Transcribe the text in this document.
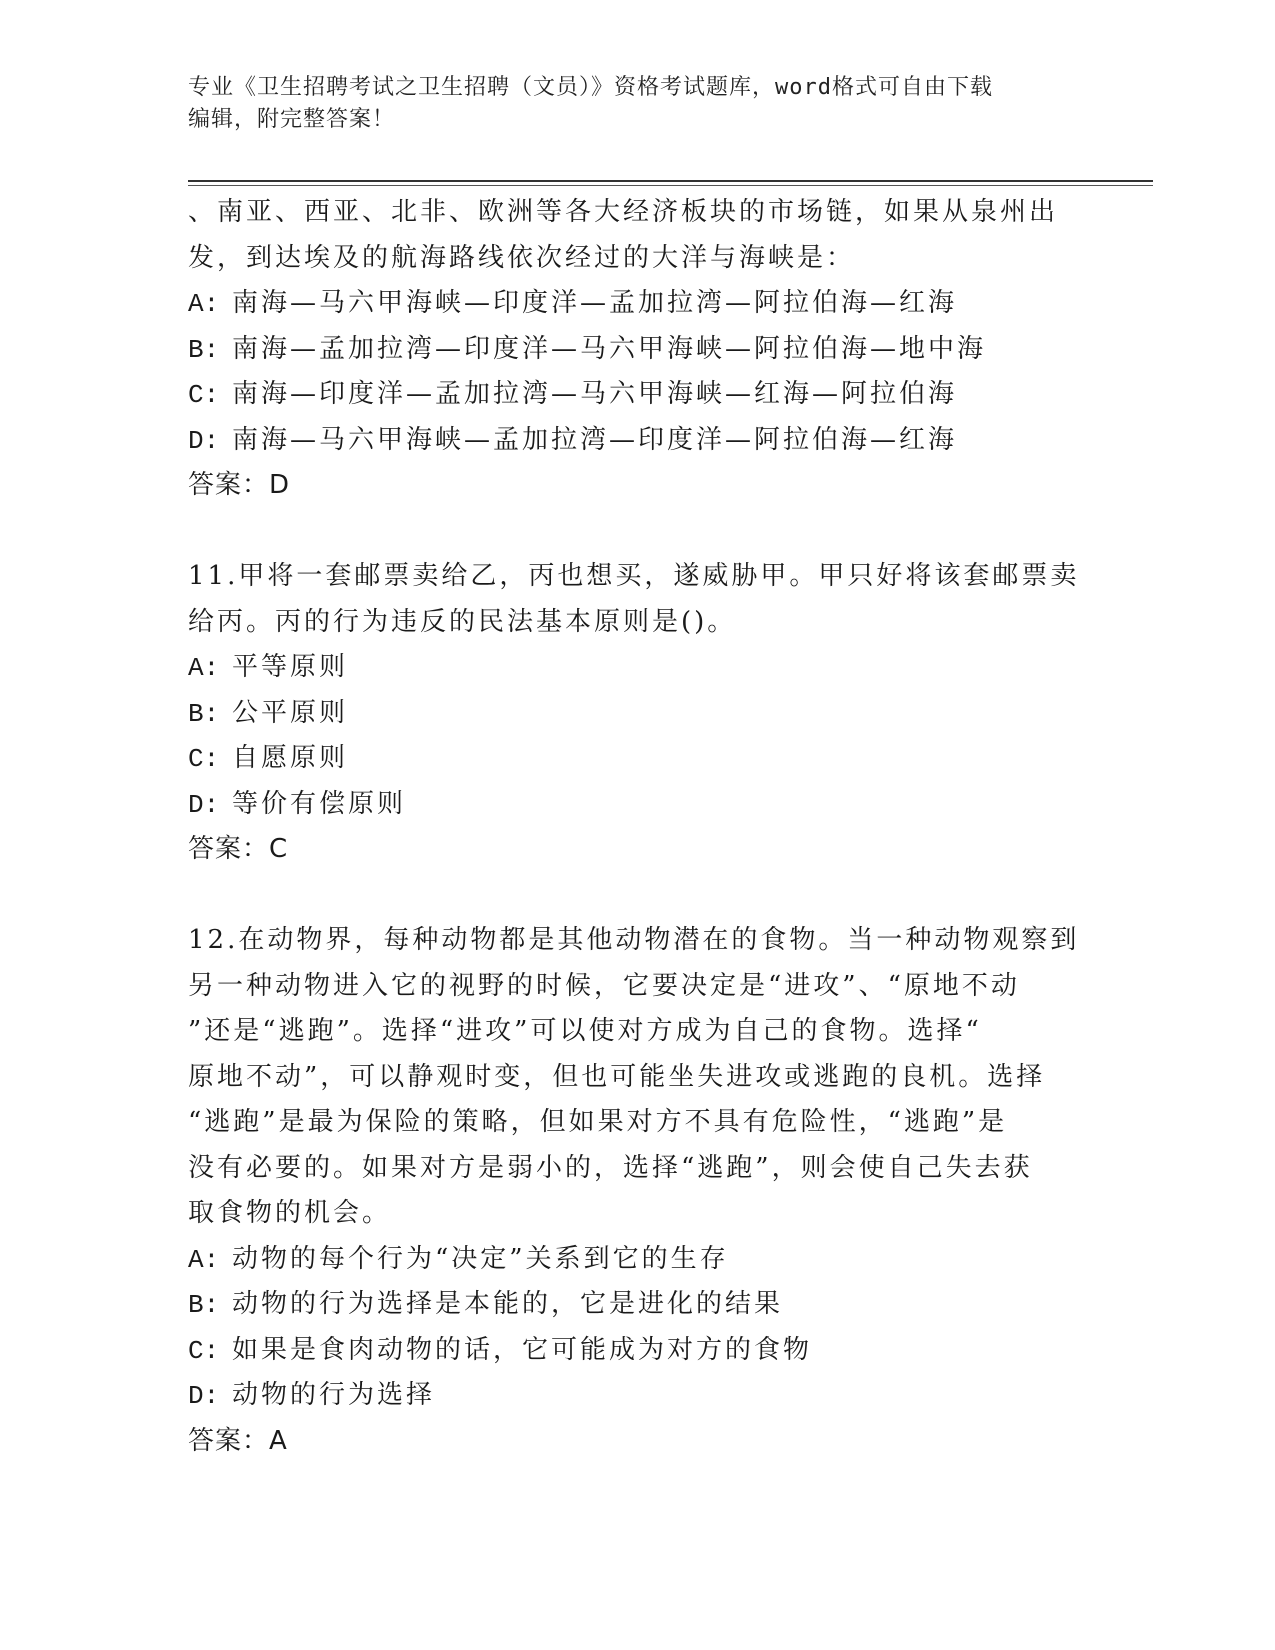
专业《卫生招聘考试之卫生招聘（文员）》资格考试题库，word格式可自由下载
编辑，附完整答案！
、南亚、西亚、北非、欧洲等各大经济板块的市场链，如果从泉州出
发，到达埃及的航海路线依次经过的大洋与海峡是：
A: 南海—马六甲海峡—印度洋—孟加拉湾—阿拉伯海—红海
B: 南海—孟加拉湾—印度洋—马六甲海峡—阿拉伯海—地中海
C: 南海—印度洋—孟加拉湾—马六甲海峡—红海—阿拉伯海
D: 南海—马六甲海峡—孟加拉湾—印度洋—阿拉伯海—红海
答案：D
11.甲将一套邮票卖给乙，丙也想买，遂威胁甲。甲只好将该套邮票卖
给丙。丙的行为违反的民法基本原则是()。
A: 平等原则
B: 公平原则
C: 自愿原则
D: 等价有偿原则
答案：C
12.在动物界，每种动物都是其他动物潜在的食物。当一种动物观察到
另一种动物进入它的视野的时候，它要决定是“进攻”、“原地不动
”还是“逃跑”。选择“进攻”可以使对方成为自己的食物。选择“
原地不动”，可以静观时变，但也可能坐失进攻或逃跑的良机。选择
“逃跑”是最为保险的策略，但如果对方不具有危险性，“逃跑”是
没有必要的。如果对方是弱小的，选择“逃跑”，则会使自己失去获
取食物的机会。
A: 动物的每个行为“决定”关系到它的生存
B: 动物的行为选择是本能的，它是进化的结果
C: 如果是食肉动物的话，它可能成为对方的食物
D: 动物的行为选择
答案：A
